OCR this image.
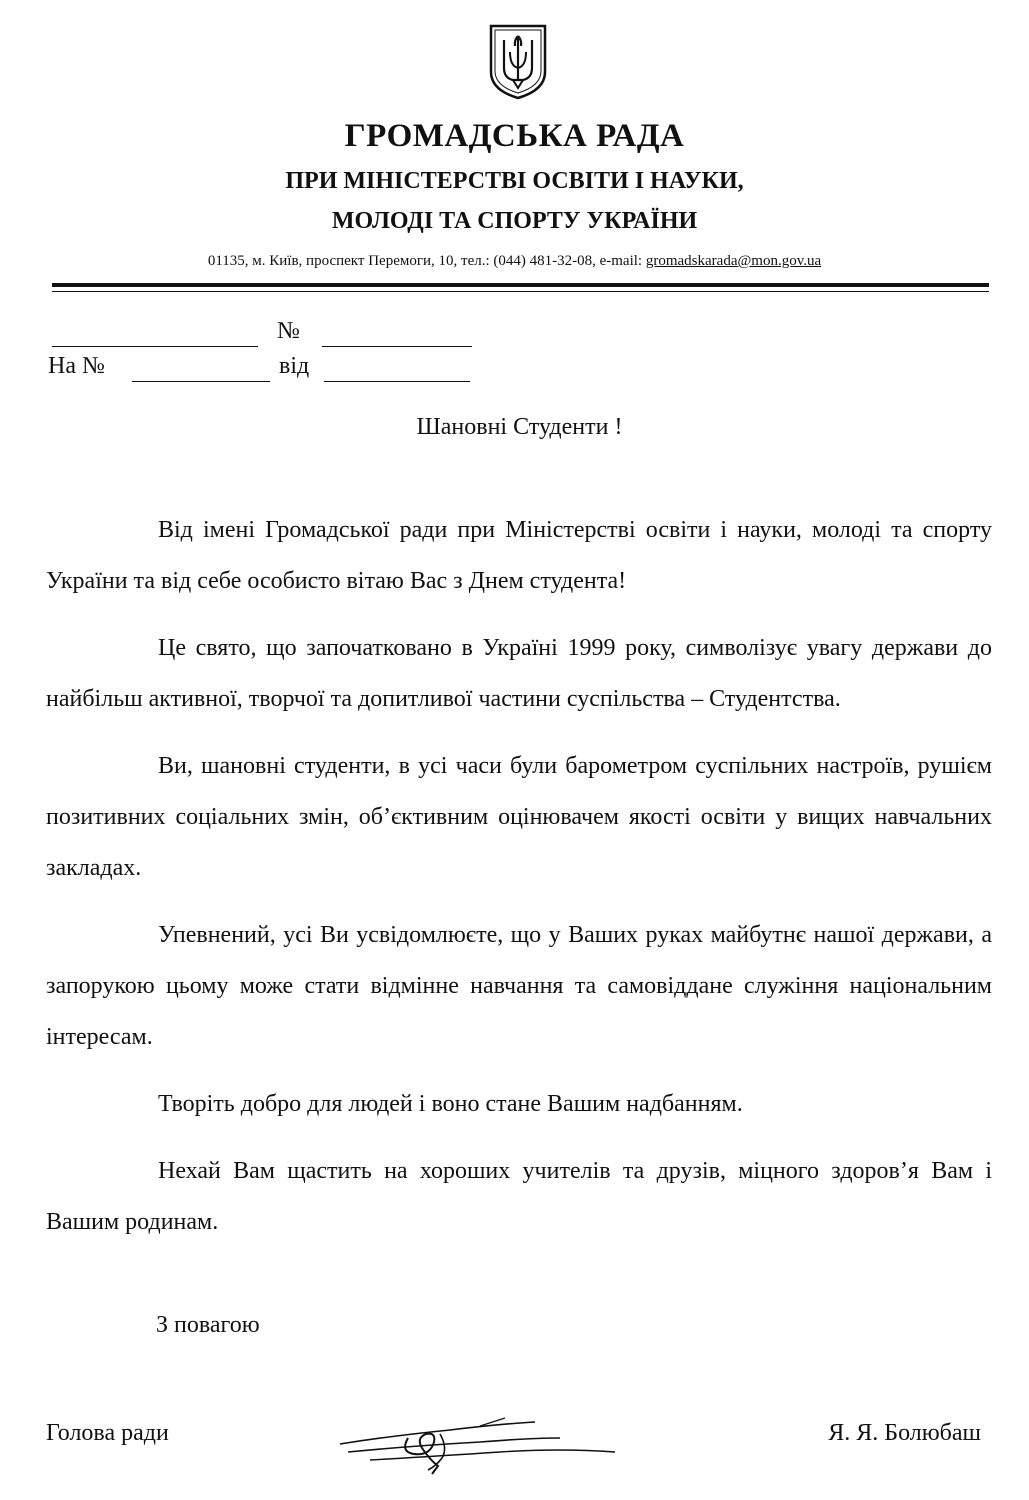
ГРОМАДСЬКА РАДА
ПРИ МІНІСТЕРСТВІ ОСВІТИ І НАУКИ,
МОЛОДІ ТА СПОРТУ УКРАЇНИ
01135, м. Київ, проспект Перемоги, 10, тел.: (044) 481-32-08, e-mail: gromadskarada@mon.gov.ua
№
На №	від
Шановні Студенти !

Від імені Громадської ради при Міністерстві освіти і науки, молоді та спорту України та від себе особисто вітаю Вас з Днем студента!

Це свято, що започатковано в Україні 1999 року, символізує увагу держави до найбільш активної, творчої та допитливої частини суспільства – Студентства.

Ви, шановні студенти, в усі часи були барометром суспільних настроїв, рушієм позитивних соціальних змін, об’єктивним оцінювачем якості освіти у вищих навчальних закладах.

Упевнений, усі Ви усвідомлюєте, що у Ваших руках майбутнє нашої держави, а запорукою цьому може стати відмінне навчання та самовіддане служіння національним інтересам.

Творіть добро для людей і воно стане Вашим надбанням.

Нехай Вам щастить на хороших учителів та друзів, міцного здоров’я Вам і Вашим родинам.

З повагою
Голова ради	Я. Я. Болюбаш
